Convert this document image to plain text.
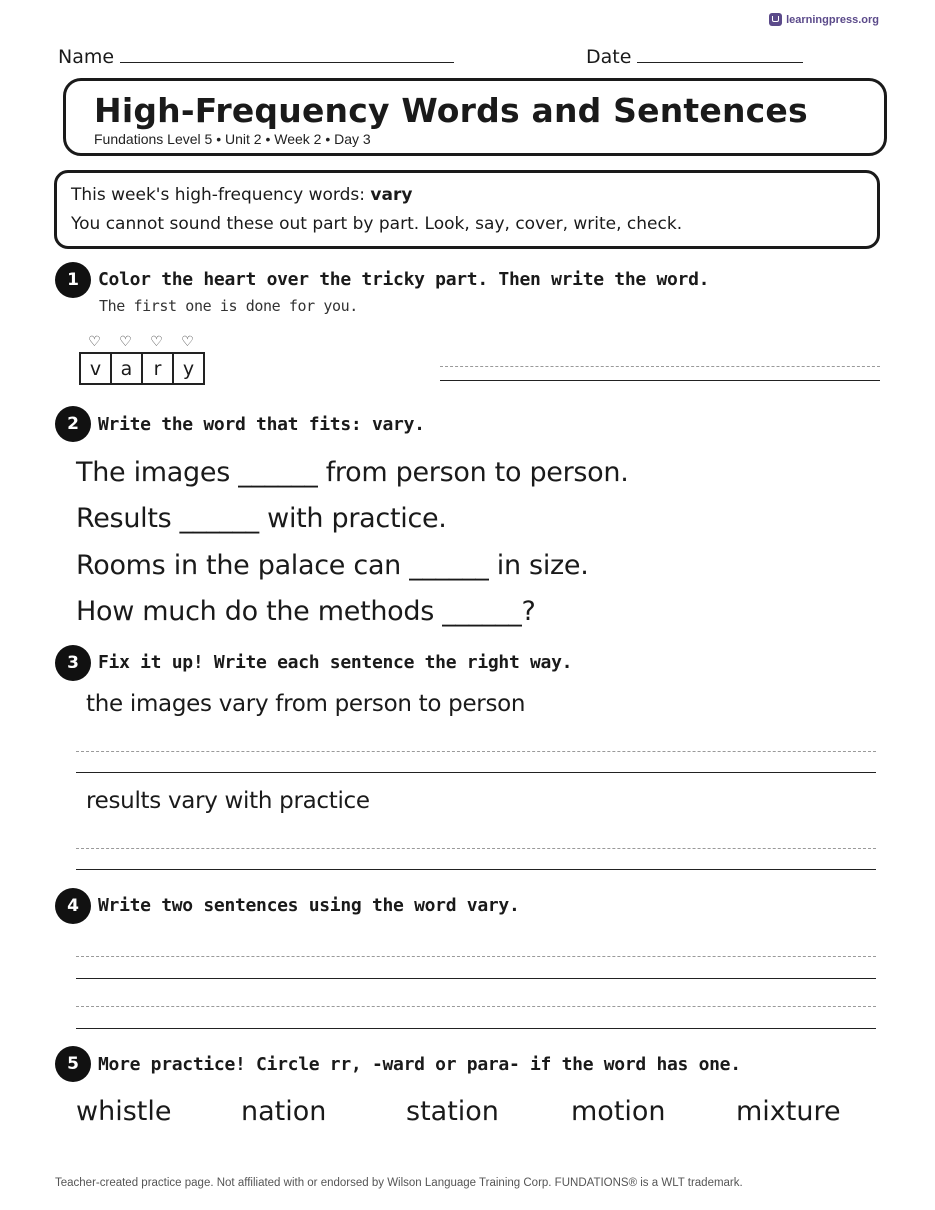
learningpress.org
Name	Date
High-Frequency Words and Sentences
Fundations Level 5 • Unit 2 • Week 2 • Day 3
This week's high-frequency words: vary
You cannot sound these out part by part. Look, say, cover, write, check.
1	Color the heart over the tricky part. Then write the word.
The first one is done for you.
♡	♡	♡	♡
v	a	r	y
2	Write the word that fits: vary.
The images ______ from person to person.
Results ______ with practice.
Rooms in the palace can ______ in size.
How much do the methods ______?
3	Fix it up! Write each sentence the right way.
the images vary from person to person
results vary with practice
4	Write two sentences using the word vary.
5	More practice! Circle rr, -ward or para- if the word has one.
whistle	nation	station	motion	mixture
Teacher-created practice page. Not affiliated with or endorsed by Wilson Language Training Corp. FUNDATIONS® is a WLT trademark.
